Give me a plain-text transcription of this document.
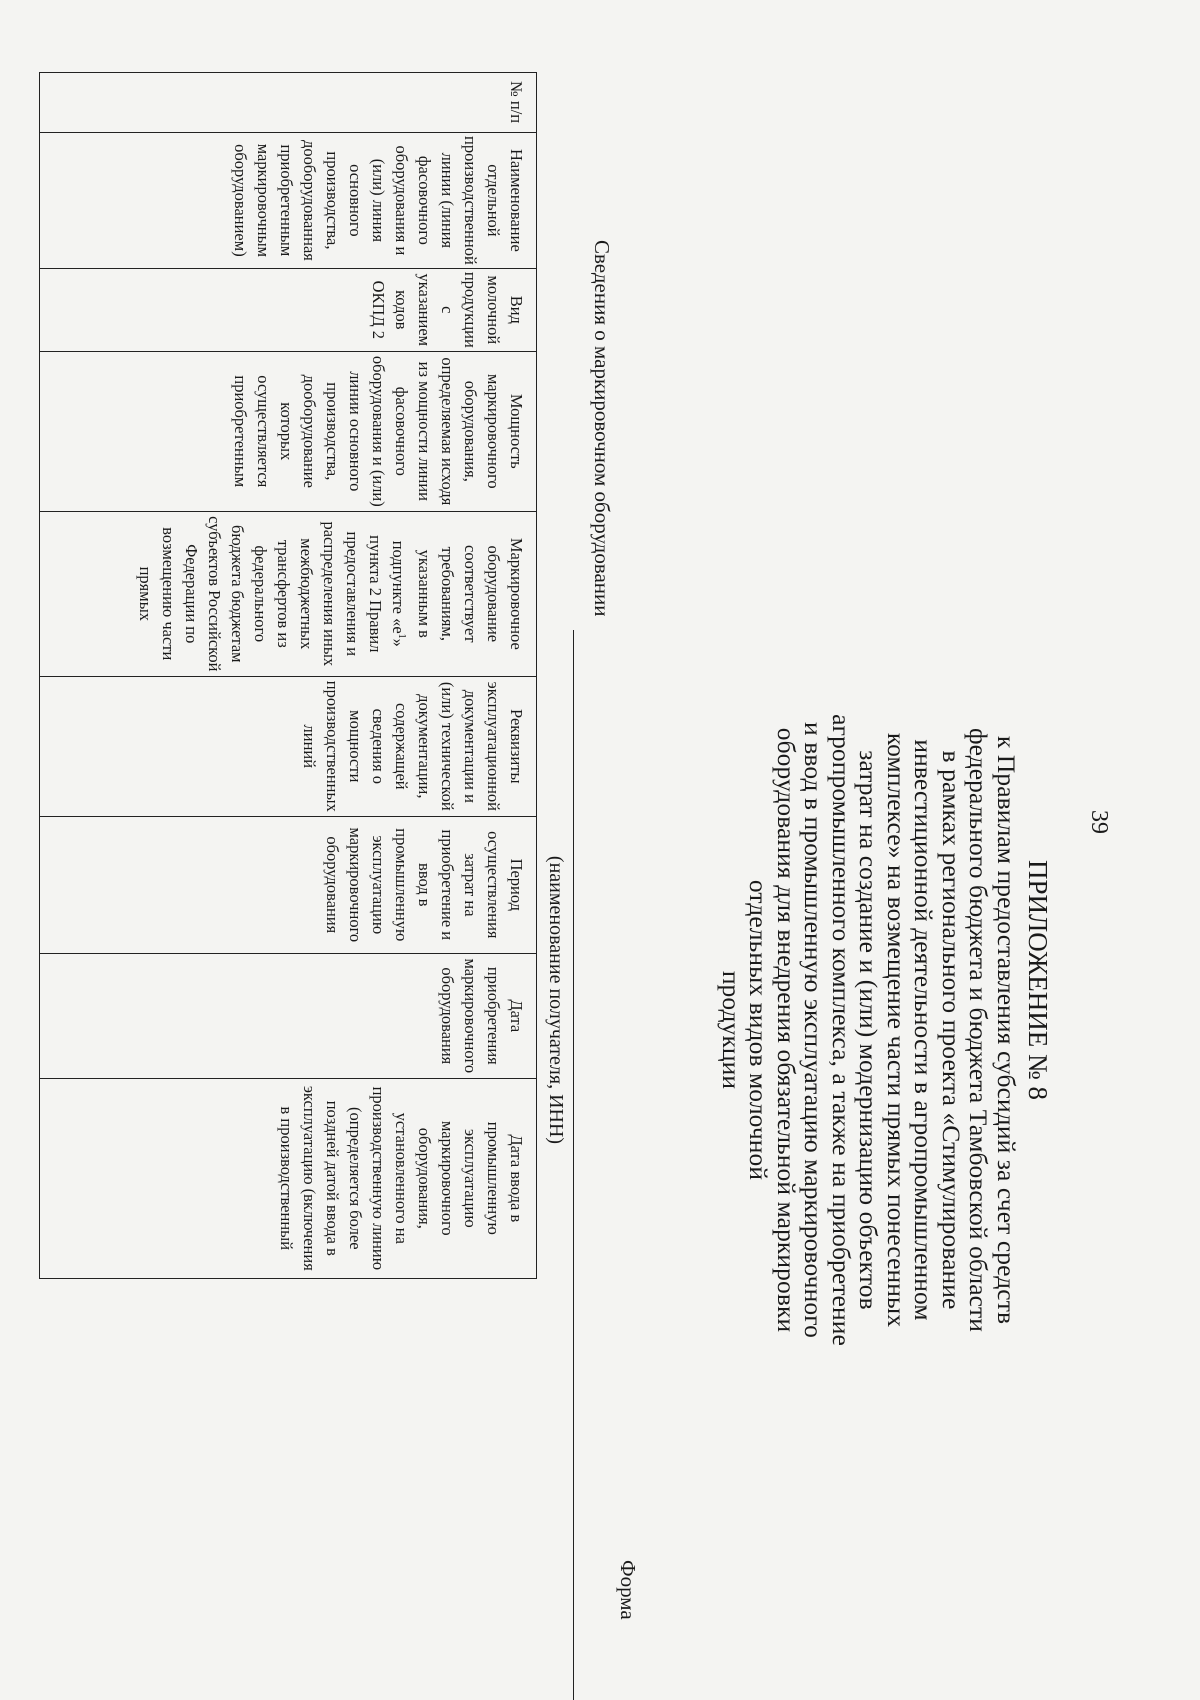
39
ПРИЛОЖЕНИЕ № 8
к Правилам предоставления субсидий за счет средств
федерального бюджета и бюджета Тамбовской области
в рамках регионального проекта «Стимулирование
инвестиционной деятельности в агропромышленном
комплексе» на возмещение части прямых понесенных
затрат на создание и (или) модернизацию объектов
агропромышленного комплекса, а также на приобретение
и ввод в промышленную эксплуатацию маркировочного
оборудования для внедрения обязательной маркировки
отдельных видов молочной
продукции
Форма
Сведения о маркировочном оборудовании
(наименование получателя, ИНН)
№ п/п	Наименование отдельной производственной линии (линия фасовочного оборудования и (или) линия основного производства, дооборудованная приобретенным маркировочным оборудованием)	Вид молочной продукции с указанием кодов ОКПД 2	Мощность маркировочного оборудования, определяемая исходя из мощности линии фасовочного оборудования и (или) линии основного производства, дооборудование которых осуществляется приобретенным	Маркировочное оборудование соответствует требованиям, указанным в подпункте «$е^1$» пункта 2 Правил предоставления и распределения иных межбюджетных трансфертов из федерального бюджета бюджетам субъектов Российской Федерации по возмещению части прямых	Реквизиты эксплуатационной документации и (или) технической документации, содержащей сведения о мощности производственных линий	Период осуществления затрат на приобретение и ввод в промышленную эксплуатацию маркировочного оборудования	Дата приобретения маркировочного оборудования	Дата ввода в промышленную эксплуатацию маркировочного оборудования, установленного на производственную линию (определяется более поздней датой ввода в эксплуатацию (включения в производственный
